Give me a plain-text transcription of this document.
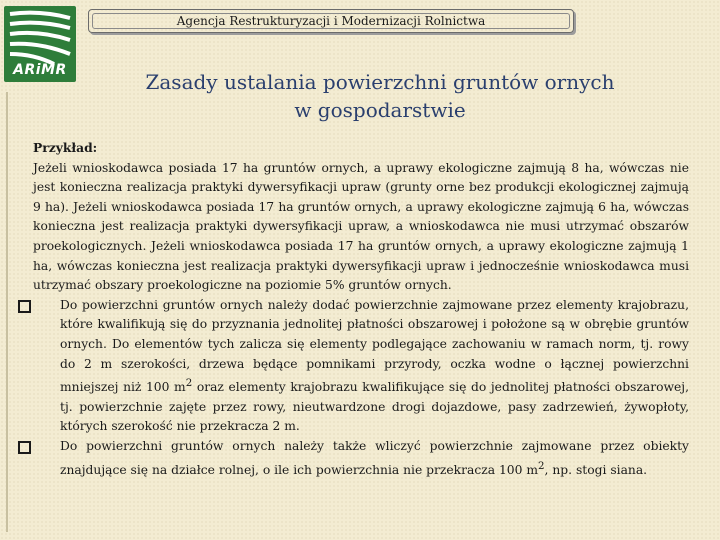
ARiMR
Agencja Restrukturyzacji i Modernizacji Rolnictwa
Zasady ustalania powierzchni gruntów ornych
w gospodarstwie
Przykład:
Jeżeli wnioskodawca posiada 17 ha gruntów ornych, a uprawy ekologiczne zajmują 8 ha, wówczas nie jest konieczna realizacja praktyki dywersyfikacji upraw (grunty orne bez produkcji ekologicznej zajmują 9 ha). Jeżeli wnioskodawca posiada 17 ha gruntów ornych, a uprawy ekologiczne zajmują 6 ha, wówczas konieczna jest realizacja praktyki dywersyfikacji upraw, a wnioskodawca nie musi utrzymać obszarów proekologicznych. Jeżeli wnioskodawca posiada 17 ha gruntów ornych, a uprawy ekologiczne zajmują 1 ha, wówczas konieczna jest realizacja praktyki dywersyfikacji upraw i jednocześnie wnioskodawca musi utrzymać obszary proekologiczne na poziomie 5% gruntów ornych.
Do powierzchni gruntów ornych należy dodać powierzchnie zajmowane przez elementy krajobrazu, które kwalifikują się do przyznania jednolitej płatności obszarowej i położone są w obrębie gruntów ornych. Do elementów tych zalicza się elementy podlegające zachowaniu w ramach norm, tj. rowy do 2 m szerokości, drzewa będące pomnikami przyrody, oczka wodne o łącznej powierzchni mniejszej niż 100 $m^2$ oraz elementy krajobrazu kwalifikujące się do jednolitej płatności obszarowej, tj. powierzchnie zajęte przez rowy, nieutwardzone drogi dojazdowe, pasy zadrzewień, żywopłoty, których szerokość nie przekracza 2 m.
Do powierzchni gruntów ornych należy także wliczyć powierzchnie zajmowane przez obiekty znajdujące się na działce rolnej, o ile ich powierzchnia nie przekracza 100 $m^2$, np. stogi siana.
